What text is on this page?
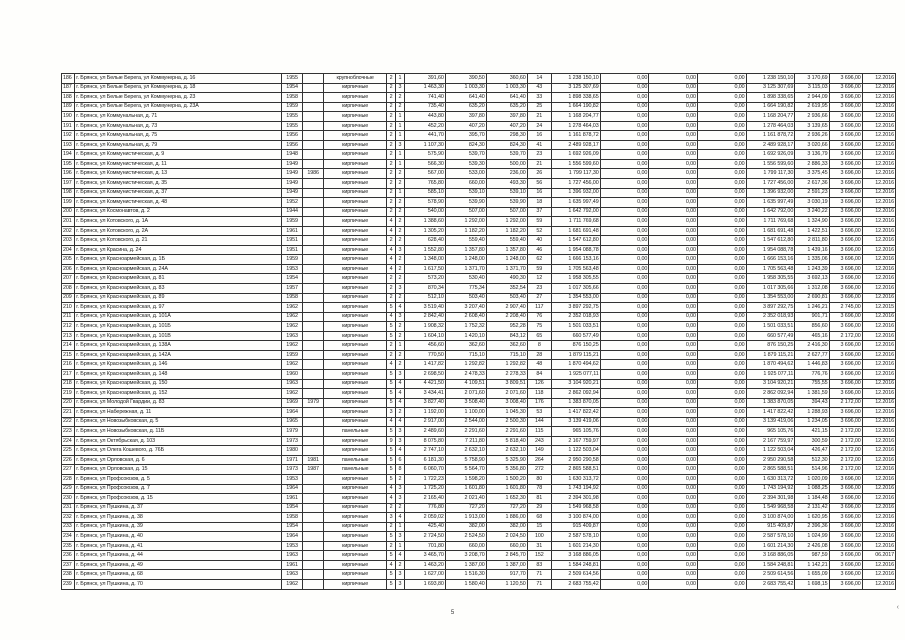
186	г. Брянск, ул Белые Берега, ул Коммунерна, д. 16	1955		крупноблочные	2	1	391,60	390,50	360,60	14	1 238 150,10	0,00	0,00	0,00	1 238 150,10	3 170,69	3 696,00	12.2016
187	г. Брянск, ул Белые Берега, ул Коммунерна, д. 18	1954		кирпичные	2	3	1 463,30	1 003,30	1 003,30	43	3 125 307,69	0,00	0,00	0,00	3 125 307,69	3 115,03	3 696,00	12.2016
188	г. Брянск, ул Белые Берега, ул Коммунерна, д. 23	1958		кирпичные	2	2	741,40	641,40	641,40	33	1 898 338,65	0,00	0,00	0,00	1 898 338,65	2 944,09	3 696,00	12.2016
189	г. Брянск, ул Белые Берега, ул Коммунерна, д. 23А	1959		кирпичные	2	2	735,40	635,20	635,20	25	1 664 190,82	0,00	0,00	0,00	1 664 190,82	2 619,95	3 696,00	12.2016
190	г. Брянск, ул Коммунальная, д. 71	1955		кирпичные	2	1	443,80	397,80	397,80	21	1 168 204,77	0,00	0,00	0,00	1 168 204,77	2 936,66	3 696,00	12.2016
191	г. Брянск, ул Коммунальная, д. 73	1955		кирпичные	2	1	452,20	407,20	407,20	24	1 278 464,03	0,00	0,00	0,00	1 278 464,03	3 139,65	3 696,00	12.2016
192	г. Брянск, ул Коммунальная, д. 75	1956		кирпичные	2	1	441,70	395,70	298,30	16	1 161 878,72	0,00	0,00	0,00	1 161 878,72	2 936,26	3 696,00	12.2016
193	г. Брянск, ул Коммунальная, д. 79	1956		кирпичные	2	3	1 107,30	824,30	824,30	41	2 489 928,17	0,00	0,00	0,00	2 489 928,17	3 020,66	3 696,00	12.2016
194	г. Брянск, ул Коммунистическая, д. 9	1948		кирпичные	2	1	575,90	539,70	539,70	23	1 692 926,09	0,00	0,00	0,00	1 692 926,09	3 136,79	3 696,00	12.2016
195	г. Брянск, ул Коммунистическая, д. 11	1949		кирпичные	2	1	566,30	539,30	500,00	21	1 556 599,60	0,00	0,00	0,00	1 556 599,60	2 886,33	3 696,00	12.2016
196	г. Брянск, ул Коммунистическая, д. 13	1949	1986	кирпичные	2	2	567,00	533,00	236,00	26	1 799 117,30	0,00	0,00	0,00	1 799 117,30	3 375,45	3 696,00	12.2016
197	г. Брянск, ул Коммунистическая, д. 35	1949		кирпичные	2	2	765,80	660,00	493,30	56	1 727 456,00	0,00	0,00	0,00	1 727 456,00	2 617,36	3 696,00	12.2016
198	г. Брянск, ул Коммунистическая, д. 37	1949		кирпичные	2	1	585,10	539,10	539,10	16	1 396 932,00	0,00	0,00	0,00	1 396 932,00	2 591,23	3 696,00	12.2016
199	г. Брянск, ул Коммунистическая, д. 48	1952		кирпичные	2	2	578,90	539,90	539,90	18	1 635 997,49	0,00	0,00	0,00	1 635 997,49	3 030,19	3 696,00	12.2016
200	г. Брянск, ул Космонавтов, д. 2	1944		кирпичные	2	2	540,00	507,00	507,00	37	1 642 792,00	0,00	0,00	0,00	1 642 792,00	3 240,22	3 696,00	12.2016
201	г. Брянск, ул Котовского, д. 1А	1959		кирпичные	4	2	1 388,60	1 292,00	1 292,00	59	1 711 769,68	0,00	0,00	0,00	1 711 769,68	1 324,90	3 696,00	12.2016
202	г. Брянск, ул Котовского, д. 2А	1961		кирпичные	4	2	1 305,20	1 182,20	1 182,20	52	1 681 691,48	0,00	0,00	0,00	1 681 691,48	1 422,51	3 696,00	12.2016
203	г. Брянск, ул Котовского, д. 21	1951		кирпичные	2	2	628,40	559,40	559,40	40	1 547 612,80	0,00	0,00	0,00	1 547 612,80	2 811,80	3 696,00	12.2016
204	г. Брянск, ул Красина, д. 24	1951		кирпичные	4	3	1 552,80	1 357,80	1 357,80	46	1 954 088,78	0,00	0,00	0,00	1 954 088,78	1 439,16	3 696,00	12.2016
205	г. Брянск, ул Красноармейская, д. 1Б	1959		кирпичные	4	2	1 348,00	1 248,00	1 248,00	62	1 666 153,16	0,00	0,00	0,00	1 666 153,16	1 335,06	3 696,00	12.2016
206	г. Брянск, ул Красноармейская, д. 24А	1953		кирпичные	4	2	1 617,50	1 371,70	1 371,70	59	1 705 563,48	0,00	0,00	0,00	1 705 563,48	1 243,39	3 696,00	12.2016
207	г. Брянск, ул Красноармейская, д. 81	1954		кирпичные	2	2	573,20	530,40	490,30	12	1 958 305,55	0,00	0,00	0,00	1 958 305,55	3 692,13	3 696,00	12.2016
208	г. Брянск, ул Красноармейская, д. 83	1957		кирпичные	2	3	870,34	775,34	352,54	23	1 017 305,66	0,00	0,00	0,00	1 017 305,66	1 312,08	3 696,00	12.2016
209	г. Брянск, ул Красноармейская, д. 89	1958		кирпичные	2	2	512,10	503,40	503,40	27	1 354 553,00	0,00	0,00	0,00	1 354 553,00	2 690,81	3 696,00	12.2016
210	г. Брянск, ул Красноармейская, д. 97	1962		кирпичные	5	4	3 519,40	3 207,40	2 907,40	117	3 897 292,75	0,00	0,00	0,00	3 897 292,75	1 246,21	2 745,00	12.2015
211	г. Брянск, ул Красноармейская, д. 101А	1962		кирпичные	4	3	2 842,40	2 608,40	2 208,40	76	2 352 018,93	0,00	0,00	0,00	2 352 018,93	901,71	3 696,00	12.2016
212	г. Брянск, ул Красноармейская, д. 101Б	1962		кирпичные	5	2	1 908,32	1 752,32	952,28	75	1 501 033,51	0,00	0,00	0,00	1 501 033,51	856,60	3 696,00	12.2016
213	г. Брянск, ул Красноармейская, д. 101В	1963		кирпичные	5	2	1 604,10	1 420,10	843,12	65	660 577,49	0,00	0,00	0,00	660 577,49	465,16	2 172,00	12.2016
214	г. Брянск, ул Красноармейская, д. 138А	1962		кирпичные	2	1	456,60	362,60	362,60	8	876 150,25	0,00	0,00	0,00	876 150,25	2 416,30	3 696,00	12.2016
215	г. Брянск, ул Красноармейская, д. 142А	1959		кирпичные	2	2	770,50	715,10	715,10	28	1 879 115,21	0,00	0,00	0,00	1 879 115,21	2 627,77	3 696,00	12.2016
216	г. Брянск, ул Красноармейская, д. 146	1962		кирпичные	4	2	1 417,82	1 292,82	1 292,82	48	1 870 494,62	0,00	0,00	0,00	1 870 494,62	1 446,83	3 696,00	12.2016
217	г. Брянск, ул Красноармейская, д. 148	1960		кирпичные	5	3	2 698,50	2 478,33	2 278,33	84	1 925 077,11	0,00	0,00	0,00	1 925 077,11	776,76	3 696,00	12.2016
218	г. Брянск, ул Красноармейская, д. 150	1963		кирпичные	5	4	4 421,50	4 109,51	3 809,51	126	3 104 920,21	0,00	0,00	0,00	3 104 920,21	755,55	3 696,00	12.2016
219	г. Брянск, ул Красноармейская, д. 152	1962		кирпичные	5	4	3 434,41	2 071,60	2 071,60	118	2 862 092,94	0,00	0,00	0,00	2 862 092,94	1 381,59	3 696,00	12.2016
220	г. Брянск, ул Молодой Гвардии, д. 83	1969	1979	кирпичные	5	4	3 827,40	3 508,40	3 008,40	176	1 383 870,05	0,00	0,00	0,00	1 383 870,05	394,43	2 172,00	12.2016
221	г. Брянск, ул Набережная, д. 11	1964		кирпичные	3	2	1 192,00	1 100,00	1 045,30	53	1 417 822,42	0,00	0,00	0,00	1 417 822,42	1 288,93	3 696,00	12.2016
222	г. Брянск, ул Новозыбковская, д. 5	1965		кирпичные	4	4	2 917,00	2 544,00	2 500,30	144	3 139 419,06	0,00	0,00	0,00	3 139 419,06	1 234,05	3 696,00	12.2016
223	г. Брянск, ул Новозыбковская, д. 11Б	1979		панельные	5	3	2 489,60	2 291,60	2 291,60	115	965 105,76	0,00	0,00	0,00	965 105,76	421,15	2 172,00	12.2016
224	г. Брянск, ул Октябрьская, д. 103	1973		кирпичные	9	3	8 075,80	7 211,80	5 818,40	243	2 167 759,97	0,00	0,00	0,00	2 167 759,97	300,59	2 172,00	12.2016
225	г. Брянск, ул Олега Кошевого, д. 76Б	1980		кирпичные	5	4	2 747,10	2 632,10	2 632,10	149	1 122 503,04	0,00	0,00	0,00	1 122 503,04	426,47	2 172,00	12.2016
226	г. Брянск, ул Орловская, д. 6	1971	1981	панельные	5	6	6 181,30	5 758,90	5 325,90	264	2 950 290,58	0,00	0,00	0,00	2 950 290,58	512,30	2 172,00	12.2016
227	г. Брянск, ул Орловская, д. 15	1973	1987	панельные	5	8	6 060,70	5 564,70	5 356,80	272	2 865 588,51	0,00	0,00	0,00	2 865 588,51	514,96	2 172,00	12.2016
228	г. Брянск, ул Профсоюзов, д. 5	1953		кирпичные	5	2	1 722,23	1 598,20	1 500,20	80	1 630 313,72	0,00	0,00	0,00	1 630 313,72	1 020,09	3 696,00	12.2016
229	г. Брянск, ул Профсоюзов, д. 7	1964		кирпичные	4	3	1 725,20	1 601,80	1 601,80	78	1 743 194,92	0,00	0,00	0,00	1 743 194,92	1 088,25	3 696,00	12.2016
230	г. Брянск, ул Профсоюзов, д. 15	1961		кирпичные	4	3	2 165,40	2 021,40	1 652,30	81	2 394 301,98	0,00	0,00	0,00	2 394 301,98	1 184,48	3 696,00	12.2016
231	г. Брянск, ул Пушкина, д. 37	1954		кирпичные	2	2	776,80	727,20	727,20	29	1 549 968,58	0,00	0,00	0,00	1 549 968,58	2 131,42	3 696,00	12.2016
232	г. Брянск, ул Пушкина, д. 38	1958		кирпичные	3	4	2 059,02	1 913,00	1 886,00	68	3 100 874,00	0,00	0,00	0,00	3 100 874,00	1 620,95	3 696,00	12.2016
233	г. Брянск, ул Пушкина, д. 39	1954		кирпичные	2	1	425,40	382,00	382,00	15	915 409,87	0,00	0,00	0,00	915 409,87	2 396,36	3 696,00	12.2016
234	г. Брянск, ул Пушкина, д. 40	1964		кирпичные	5	3	2 724,50	2 524,50	2 024,50	100	2 587 578,10	0,00	0,00	0,00	2 587 578,10	1 024,99	3 696,00	12.2016
235	г. Брянск, ул Пушкина, д. 41	1953		кирпичные	2	1	701,80	660,00	660,00	31	1 601 214,30	0,00	0,00	0,00	1 601 214,30	2 426,08	3 696,00	12.2016
236	г. Брянск, ул Пушкина, д. 44	1963		кирпичные	5	4	3 465,70	3 208,70	2 845,70	152	3 168 886,05	0,00	0,00	0,00	3 168 886,05	987,59	3 696,00	06.2017
237	г. Брянск, ул Пушкина, д. 49	1961		кирпичные	4	2	1 463,20	1 387,00	1 387,00	83	1 584 248,81	0,00	0,00	0,00	1 584 248,81	1 142,21	3 696,00	12.2016
238	г. Брянск, ул Пушкина, д. 68	1963		кирпичные	5	3	1 627,00	1 516,30	917,70	71	2 509 614,56	0,00	0,00	0,00	2 509 614,56	1 655,09	3 696,00	12.2016
239	г. Брянск, ул Пушкина, д. 70	1962		кирпичные	5	3	1 693,80	1 580,40	1 120,50	71	2 683 755,42	0,00	0,00	0,00	2 683 755,42	1 698,15	3 696,00	12.2016
5
‹
